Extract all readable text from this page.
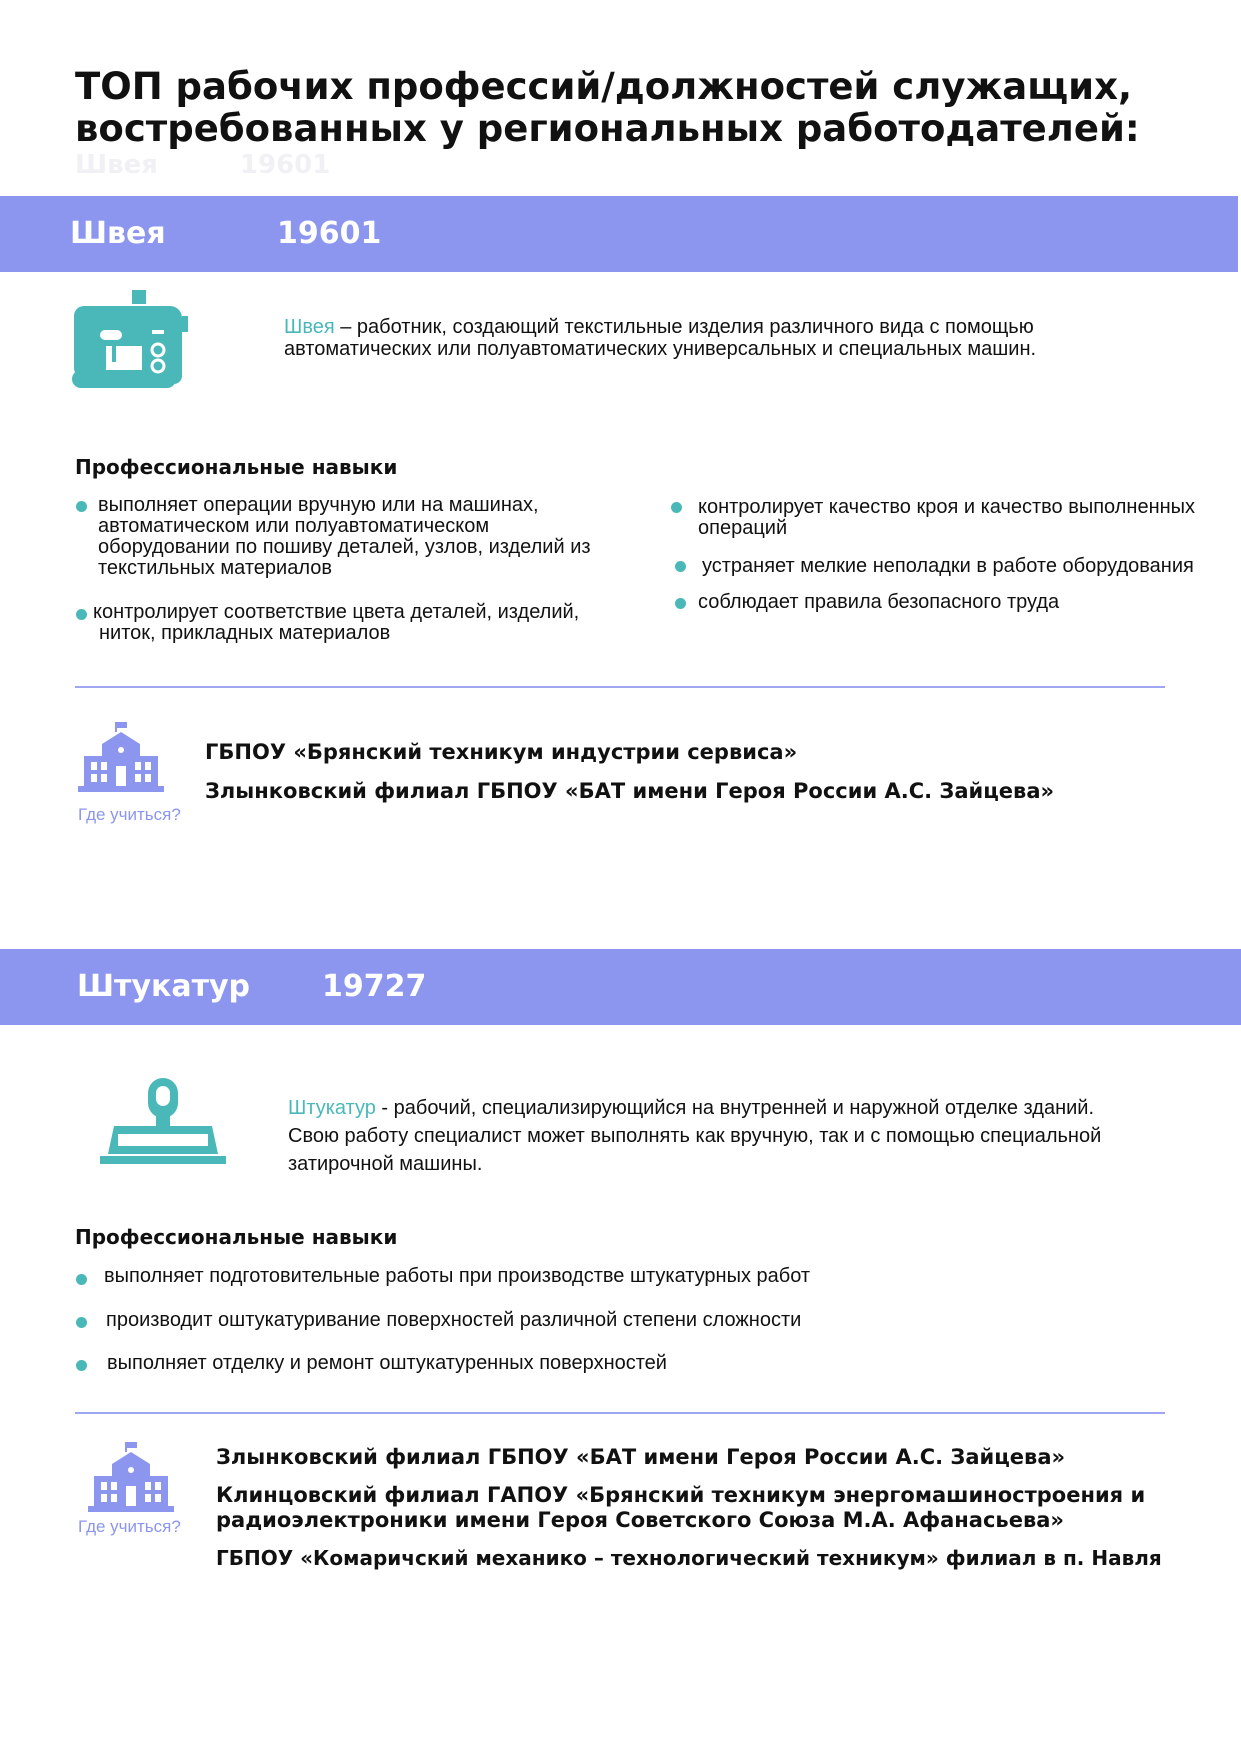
ТОП рабочих профессий/должностей служащих,
востребованных у региональных работодателей:
Швея	19601
Швея	19601
Швея – работник, создающий текстильные изделия различного вида с помощью
автоматических или полуавтоматических универсальных и специальных машин.
Профессиональные навыки
выполняет операции вручную или на машинах,
автоматическом или полуавтоматическом
оборудовании по пошиву деталей, узлов, изделий из
текстильных материалов
контролирует соответствие цвета деталей, изделий,
ниток, прикладных материалов
контролирует качество кроя и качество выполненных
операций
устраняет мелкие неполадки в работе оборудования
соблюдает правила безопасного труда
Где учиться?
ГБПОУ «Брянский техникум индустрии сервиса»
Злынковский филиал ГБПОУ «БАТ имени Героя России А.С. Зайцева»
Штукатур 19727
Штукатур - рабочий, специализирующийся на внутренней и наружной отделке зданий.
Свою работу специалист может выполнять как вручную, так и с помощью специальной
затирочной машины.
Профессиональные навыки
выполняет подготовительные работы при производстве штукатурных работ
производит оштукатуривание поверхностей различной степени сложности
выполняет отделку и ремонт оштукатуренных поверхностей
Где учиться?
Злынковский филиал ГБПОУ «БАТ имени Героя России А.С. Зайцева»
Клинцовский филиал ГАПОУ «Брянский техникум энергомашиностроения и
радиоэлектроники имени Героя Советского Союза М.А. Афанасьева»
ГБПОУ «Комаричский механико – технологический техникум» филиал в п. Навля
